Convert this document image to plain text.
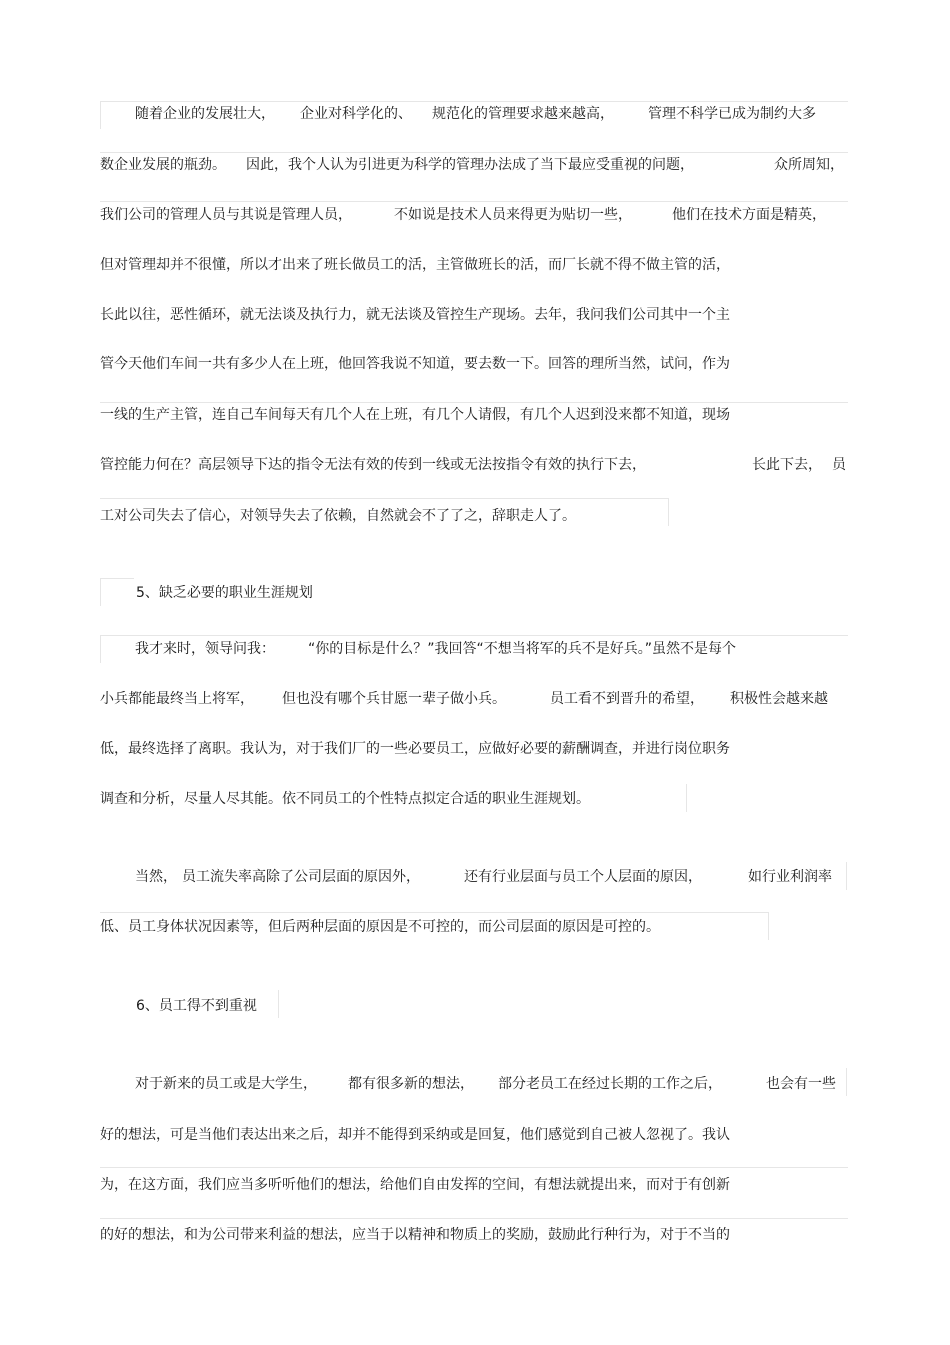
随着企业的发展壮大， 企业对科学化的、 规范化的管理要求越来越高， 管理不科学已成为制约大多
数企业发展的瓶劲。 因此，我个人认为引进更为科学的管理办法成了当下最应受重视的问题，	众所周知，
我们公司的管理人员与其说是管理人员，	不如说是技术人员来得更为贴切一些，	他们在技术方面是精英，
但对管理却并不很懂，所以才出来了班长做员工的活，主管做班长的活，而厂长就不得不做主管的活，
长此以往，恶性循环，就无法谈及执行力，就无法谈及管控生产现场。去年，我问我们公司其中一个主
管今天他们车间一共有多少人在上班，他回答我说不知道，要去数一下。回答的理所当然，试问，作为
一线的生产主管，连自己车间每天有几个人在上班，有几个人请假，有几个人迟到没来都不知道，现场
管控能力何在？高层领导下达的指令无法有效的传到一线或无法按指令有效的执行下去，	长此下去， 员
工对公司失去了信心，对领导失去了依赖，自然就会不了了之，辞职走人了。
5、缺乏必要的职业生涯规划
我才来时，领导问我： “你的目标是什么？”我回答“不想当将军的兵不是好兵。”虽然不是每个
小兵都能最终当上将军， 但也没有哪个兵甘愿一辈子做小兵。	员工看不到晋升的希望， 积极性会越来越
低，最终选择了离职。我认为，对于我们厂的一些必要员工，应做好必要的薪酬调查，并进行岗位职务
调查和分析，尽量人尽其能。依不同员工的个性特点拟定合适的职业生涯规划。
当然， 员工流失率高除了公司层面的原因外，	还有行业层面与员工个人层面的原因，	如行业利润率
低、员工身体状况因素等，但后两种层面的原因是不可控的，而公司层面的原因是可控的。
6、员工得不到重视
对于新来的员工或是大学生， 都有很多新的想法， 部分老员工在经过长期的工作之后，	也会有一些
好的想法，可是当他们表达出来之后，却并不能得到采纳或是回复，他们感觉到自己被人忽视了。我认
为，在这方面，我们应当多听听他们的想法，给他们自由发挥的空间，有想法就提出来，而对于有创新
的好的想法，和为公司带来利益的想法，应当于以精神和物质上的奖励，鼓励此行种行为，对于不当的
